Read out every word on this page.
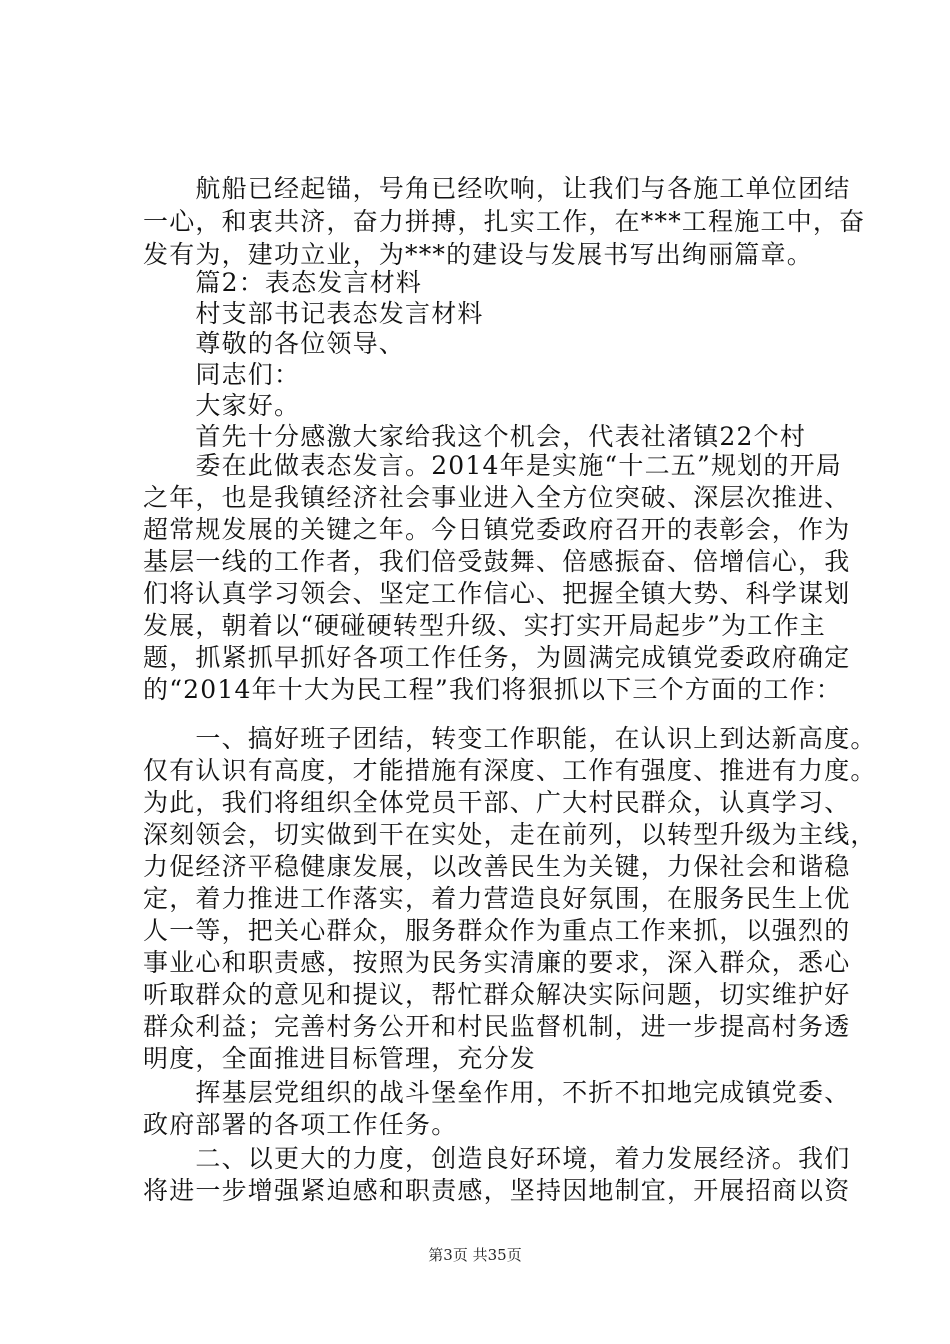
　　航船已经起锚，号角已经吹响，让我们与各施工单位团结
一心，和衷共济，奋力拼搏，扎实工作，在***工程施工中，奋
发有为，建功立业，为***的建设与发展书写出绚丽篇章。
　　篇2：表态发言材料
　　村支部书记表态发言材料
　　尊敬的各位领导、
　　同志们：
　　大家好。
　　首先十分感激大家给我这个机会，代表社渚镇22个村
　　委在此做表态发言。2014年是实施“十二五”规划的开局
之年，也是我镇经济社会事业进入全方位突破、深层次推进、
超常规发展的关键之年。今日镇党委政府召开的表彰会，作为
基层一线的工作者，我们倍受鼓舞、倍感振奋、倍增信心，我
们将认真学习领会、坚定工作信心、把握全镇大势、科学谋划
发展，朝着以“硬碰硬转型升级、实打实开局起步”为工作主
题，抓紧抓早抓好各项工作任务，为圆满完成镇党委政府确定
的“2014年十大为民工程”我们将狠抓以下三个方面的工作：
　　一、搞好班子团结，转变工作职能，在认识上到达新高度。
仅有认识有高度，才能措施有深度、工作有强度、推进有力度。
为此，我们将组织全体党员干部、广大村民群众，认真学习、
深刻领会，切实做到干在实处，走在前列，以转型升级为主线，
力促经济平稳健康发展，以改善民生为关键，力保社会和谐稳
定，着力推进工作落实，着力营造良好氛围，在服务民生上优
人一等，把关心群众，服务群众作为重点工作来抓，以强烈的
事业心和职责感，按照为民务实清廉的要求，深入群众，悉心
听取群众的意见和提议，帮忙群众解决实际问题，切实维护好
群众利益；完善村务公开和村民监督机制，进一步提高村务透
明度，全面推进目标管理，充分发
　　挥基层党组织的战斗堡垒作用，不折不扣地完成镇党委、
政府部署的各项工作任务。
　　二、以更大的力度，创造良好环境，着力发展经济。我们
将进一步增强紧迫感和职责感，坚持因地制宜，开展招商以资
第3页 共35页
